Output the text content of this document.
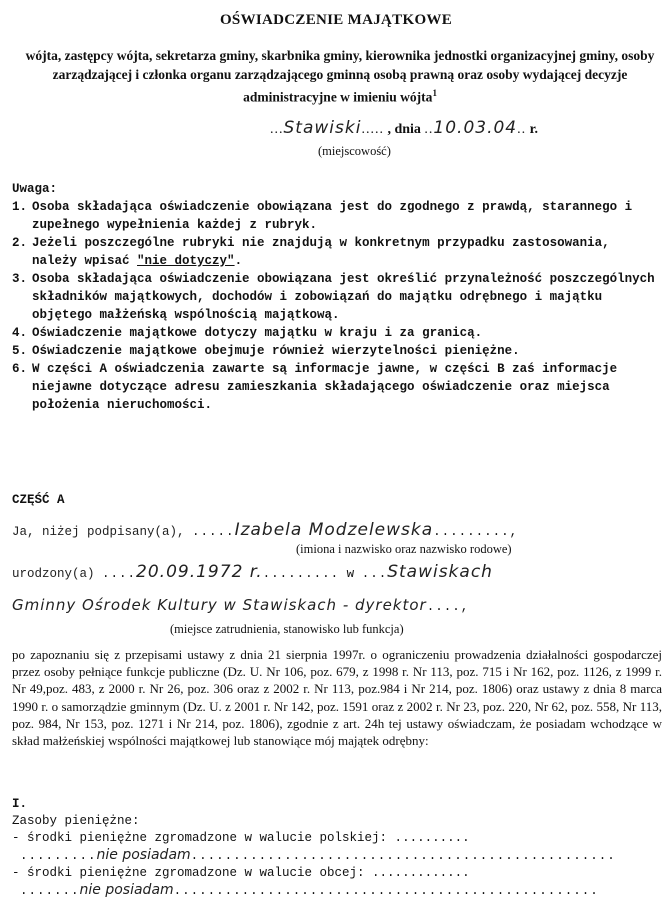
OŚWIADCZENIE MAJĄTKOWE
wójta, zastępcy wójta, sekretarza gminy, skarbnika gminy, kierownika jednostki organizacyjnej gminy, osoby zarządzającej i członka organu zarządzającego gminną osobą prawną oraz osoby wydającej decyzje administracyjne w imieniu wójta$^1$
...Stawiski..... , dnia ..10.03.04.. r.
(miejscowość)
Uwaga:
1. Osoba składająca oświadczenie obowiązana jest do zgodnego z prawdą, starannego i zupełnego wypełnienia każdej z rubryk.
2. Jeżeli poszczególne rubryki nie znajdują w konkretnym przypadku zastosowania, należy wpisać "nie dotyczy".
3. Osoba składająca oświadczenie obowiązana jest określić przynależność poszczególnych składników majątkowych, dochodów i zobowiązań do majątku odrębnego i majątku objętego małżeńską wspólnością majątkową.
4. Oświadczenie majątkowe dotyczy majątku w kraju i za granicą.
5. Oświadczenie majątkowe obejmuje również wierzytelności pieniężne.
6. W części A oświadczenia zawarte są informacje jawne, w części B zaś informacje niejawne dotyczące adresu zamieszkania składającego oświadczenie oraz miejsca położenia nieruchomości.
CZĘŚĆ A
Ja, niżej podpisany(a), .....Izabela Modzelewska.........,
(imiona i nazwisko oraz nazwisko rodowe)
urodzony(a) ....20.09.1972 r.......... w ...Stawiskach
Gminny Ośrodek Kultury w Stawiskach - dyrektor....,
(miejsce zatrudnienia, stanowisko lub funkcja)
po zapoznaniu się z przepisami ustawy z dnia 21 sierpnia 1997r. o ograniczeniu prowadzenia działalności gospodarczej przez osoby pełniące funkcje publiczne (Dz. U. Nr 106, poz. 679, z 1998 r. Nr 113, poz. 715 i Nr 162, poz. 1126, z 1999 r. Nr 49,poz. 483, z 2000 r. Nr 26, poz. 306 oraz z 2002 r. Nr 113, poz.984 i Nr 214, poz. 1806) oraz ustawy z dnia 8 marca 1990 r. o samorządzie gminnym (Dz. U. z 2001 r. Nr 142, poz. 1591 oraz z 2002 r. Nr 23, poz. 220, Nr 62, poz. 558, Nr 113, poz. 984, Nr 153, poz. 1271 i Nr 214, poz. 1806), zgodnie z art. 24h tej ustawy oświadczam, że posiadam wchodzące w skład małżeńskiej wspólności majątkowej lub stanowiące mój majątek odrębny:
I.
Zasoby pieniężne:
- środki pieniężne zgromadzone w walucie polskiej: ..........
.........nie posiadam..................................................
- środki pieniężne zgromadzone w walucie obcej: .............
.......nie posiadam..................................................
